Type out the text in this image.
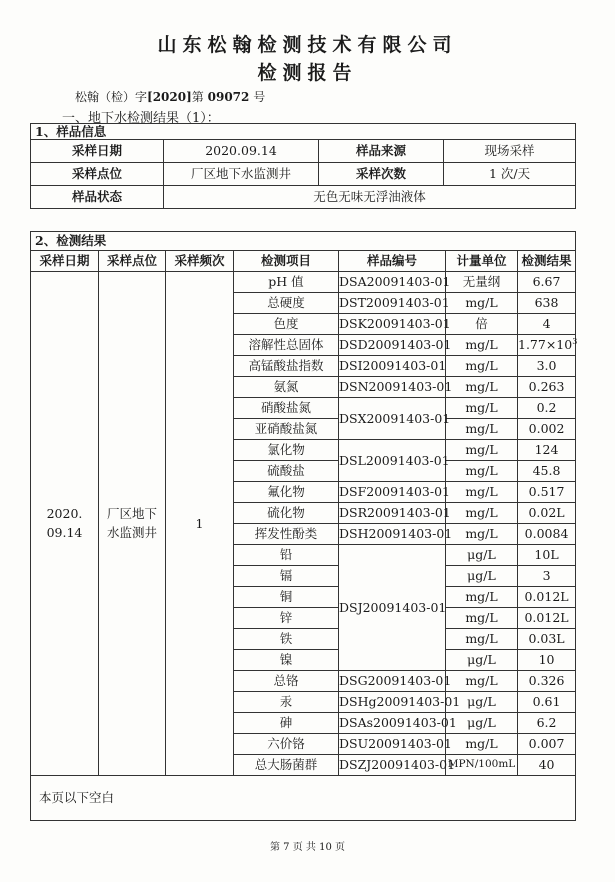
山东松翰检测技术有限公司
检测报告
松翰（检）字[2020]第 09072 号
一、地下水检测结果（1）：
1、样品信息			
采样日期	2020.09.14	样品来源	现场采样
采样点位	厂区地下水监测井	采样次数	1 次/天
样品状态	无色无味无浮油液体		
2、检测结果						
采样日期	采样点位	采样频次	检测项目	样品编号	计量单位	检测结果
2020.
09.14	厂区地下
水监测井	1	pH 值	DSA20091403-01	无量纲	6.67
			总硬度	DST20091403-01	mg/L	638
			色度	DSK20091403-01	倍	4
			溶解性总固体	DSD20091403-01	mg/L	$1.77\times 10^3$
			高锰酸盐指数	DSI20091403-01	mg/L	3.0
			氨氮	DSN20091403-01	mg/L	0.263
			硝酸盐氮	DSX20091403-01	mg/L	0.2
			亚硝酸盐氮		mg/L	0.002
			氯化物	DSL20091403-01	mg/L	124
			硫酸盐		mg/L	45.8
			氟化物	DSF20091403-01	mg/L	0.517
			硫化物	DSR20091403-01	mg/L	0.02L
			挥发性酚类	DSH20091403-01	mg/L	0.0084
			铅	DSJ20091403-01	μg/L	10L
			镉		μg/L	3
			铜		mg/L	0.012L
			锌		mg/L	0.012L
			铁		mg/L	0.03L
			镍		μg/L	10
			总铬	DSG20091403-01	mg/L	0.326
			汞	DSHg20091403-01	μg/L	0.61
			砷	DSAs20091403-01	μg/L	6.2
			六价铬	DSU20091403-01	mg/L	0.007
			总大肠菌群	DSZJ20091403-01	MPN/100mL	40
本页以下空白						
第 7 页 共 10 页
